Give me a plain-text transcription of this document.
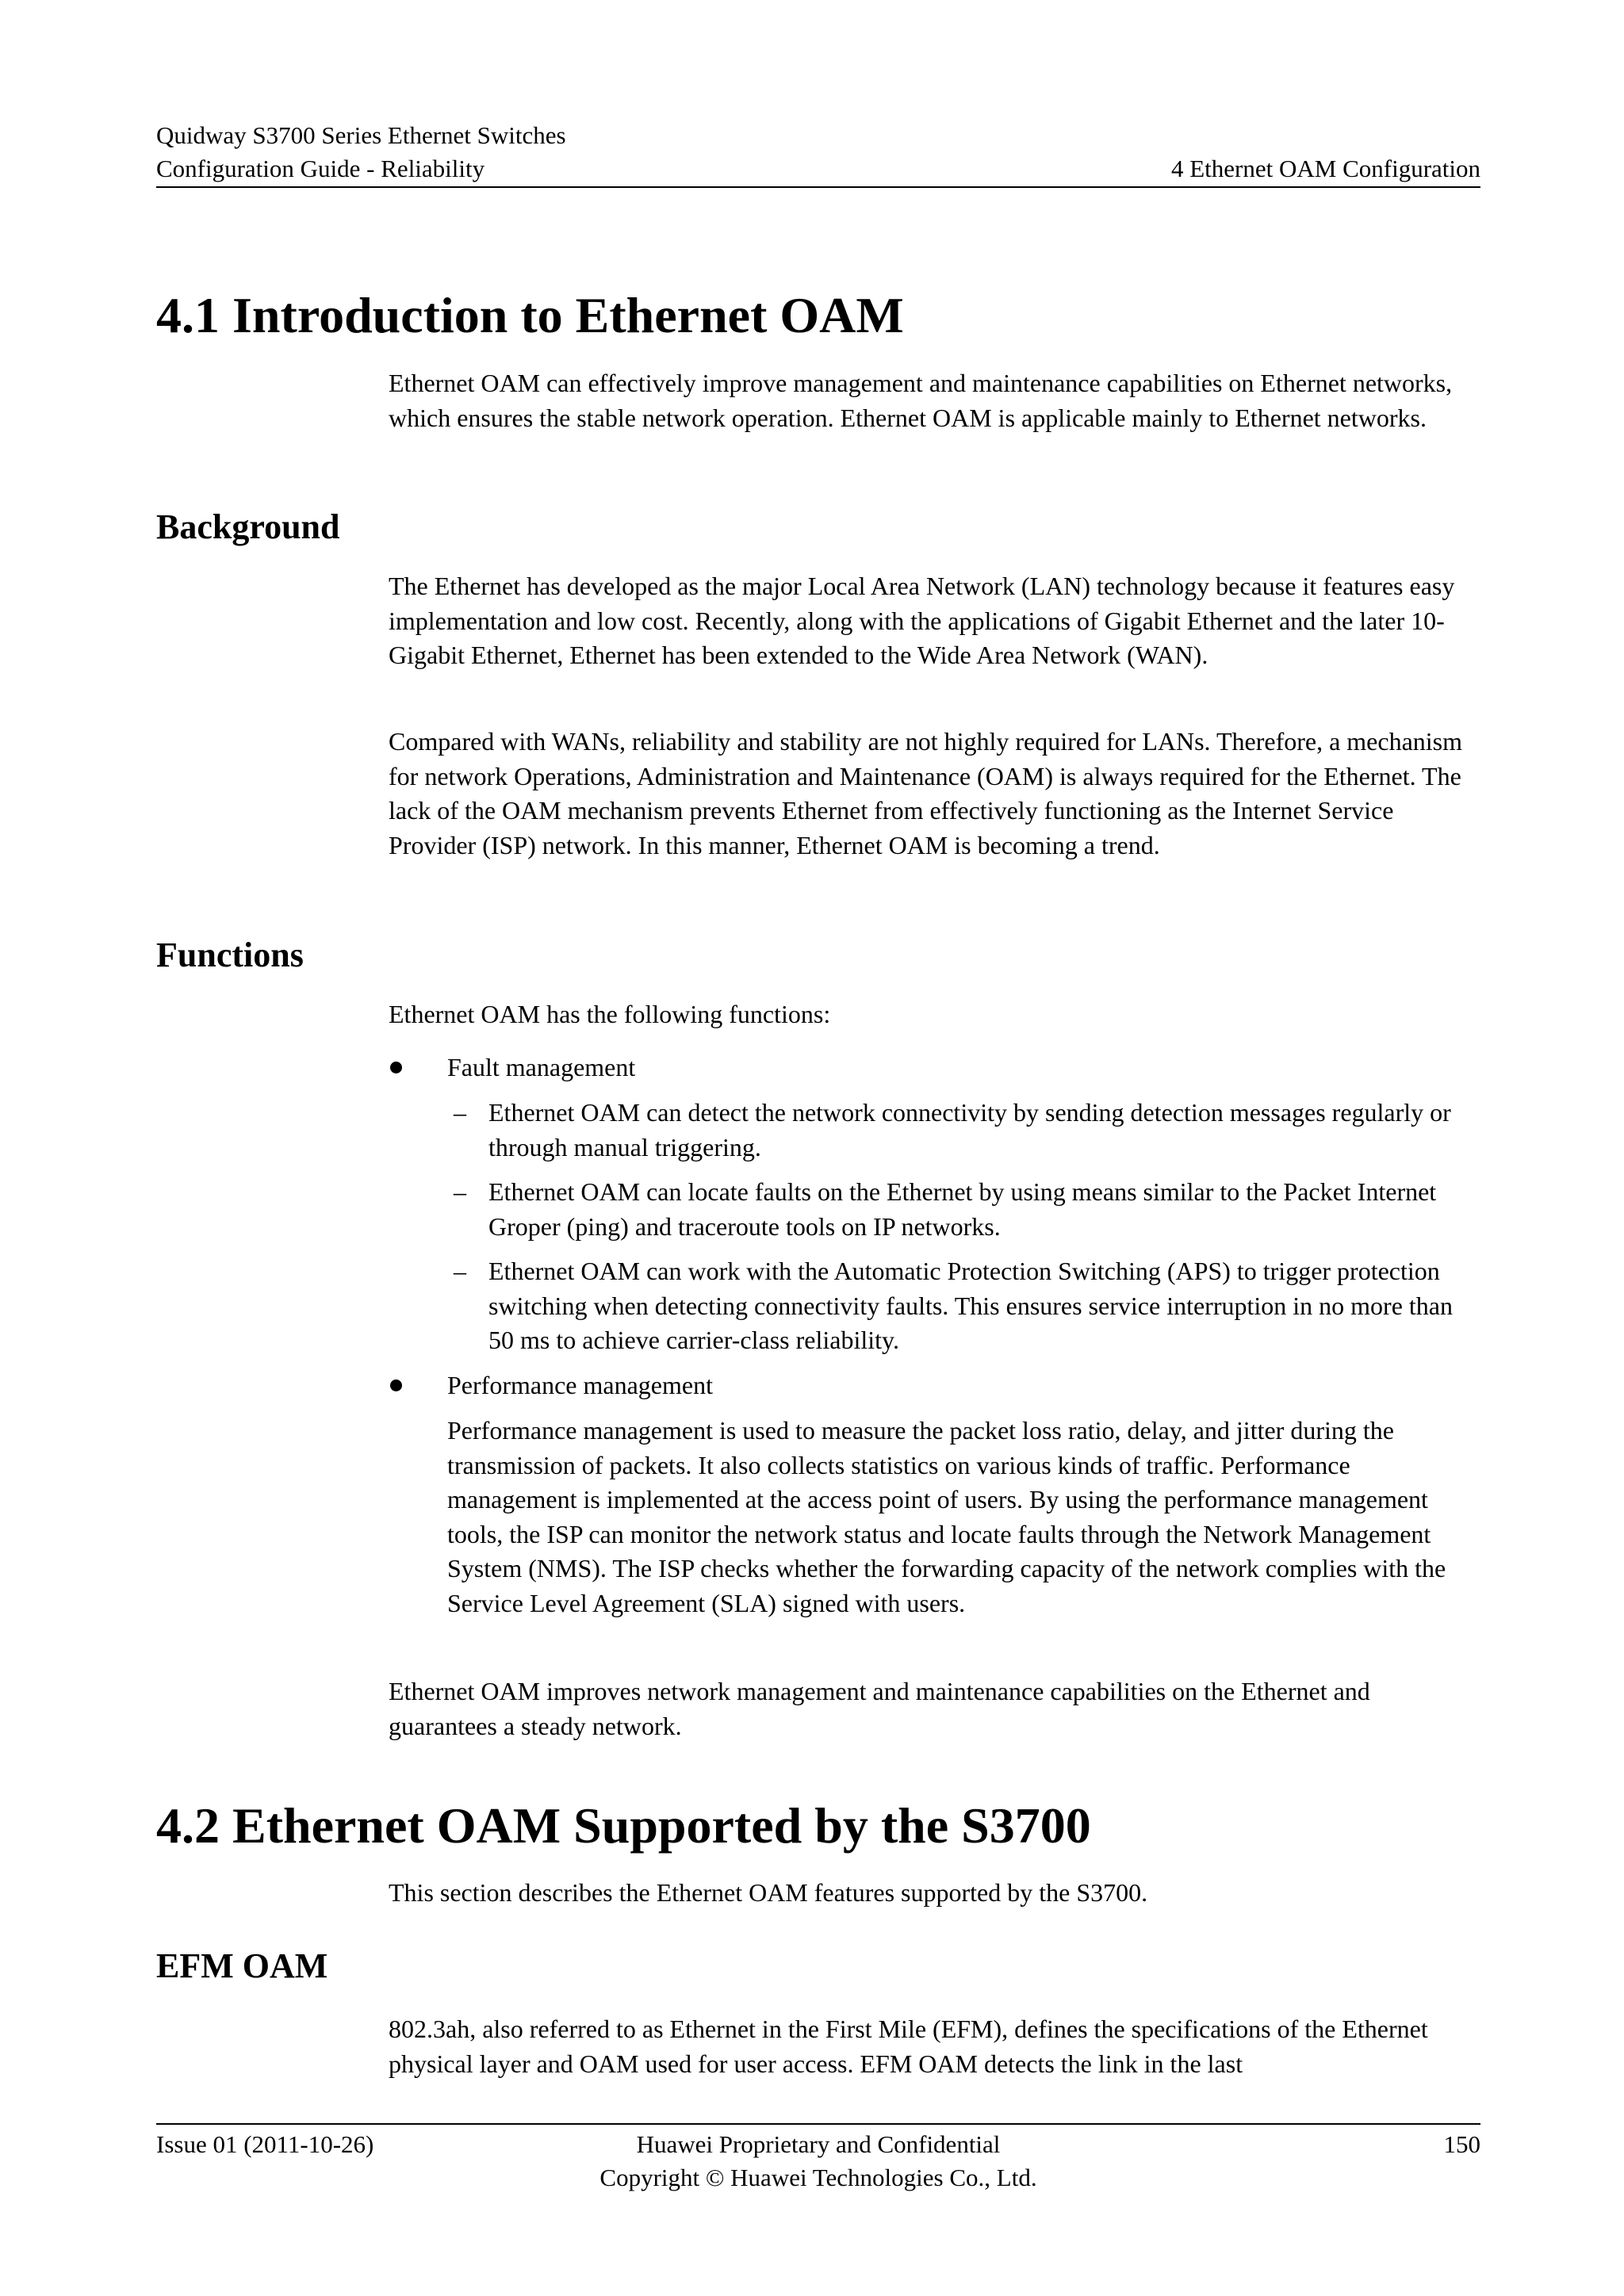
Quidway S3700 Series Ethernet Switches
Configuration Guide - Reliability	4 Ethernet OAM Configuration
4.1 Introduction to Ethernet OAM

Ethernet OAM can effectively improve management and maintenance capabilities on Ethernet networks, which ensures the stable network operation. Ethernet OAM is applicable mainly to Ethernet networks.

Background

The Ethernet has developed as the major Local Area Network (LAN) technology because it features easy implementation and low cost. Recently, along with the applications of Gigabit Ethernet and the later 10-Gigabit Ethernet, Ethernet has been extended to the Wide Area Network (WAN).

Compared with WANs, reliability and stability are not highly required for LANs. Therefore, a mechanism for network Operations, Administration and Maintenance (OAM) is always required for the Ethernet. The lack of the OAM mechanism prevents Ethernet from effectively functioning as the Internet Service Provider (ISP) network. In this manner, Ethernet OAM is becoming a trend.

Functions

Ethernet OAM has the following functions:

Fault management
– Ethernet OAM can detect the network connectivity by sending detection messages regularly or through manual triggering.
– Ethernet OAM can locate faults on the Ethernet by using means similar to the Packet Internet Groper (ping) and traceroute tools on IP networks.
– Ethernet OAM can work with the Automatic Protection Switching (APS) to trigger protection switching when detecting connectivity faults. This ensures service interruption in no more than 50 ms to achieve carrier-class reliability.
Performance management
Performance management is used to measure the packet loss ratio, delay, and jitter during the transmission of packets. It also collects statistics on various kinds of traffic. Performance management is implemented at the access point of users. By using the performance management tools, the ISP can monitor the network status and locate faults through the Network Management System (NMS). The ISP checks whether the forwarding capacity of the network complies with the Service Level Agreement (SLA) signed with users.

Ethernet OAM improves network management and maintenance capabilities on the Ethernet and guarantees a steady network.

4.2 Ethernet OAM Supported by the S3700

This section describes the Ethernet OAM features supported by the S3700.

EFM OAM

802.3ah, also referred to as Ethernet in the First Mile (EFM), defines the specifications of the Ethernet physical layer and OAM used for user access. EFM OAM detects the link in the last

Issue 01 (2011-10-26)	Huawei Proprietary and Confidential
Copyright © Huawei Technologies Co., Ltd.
150
